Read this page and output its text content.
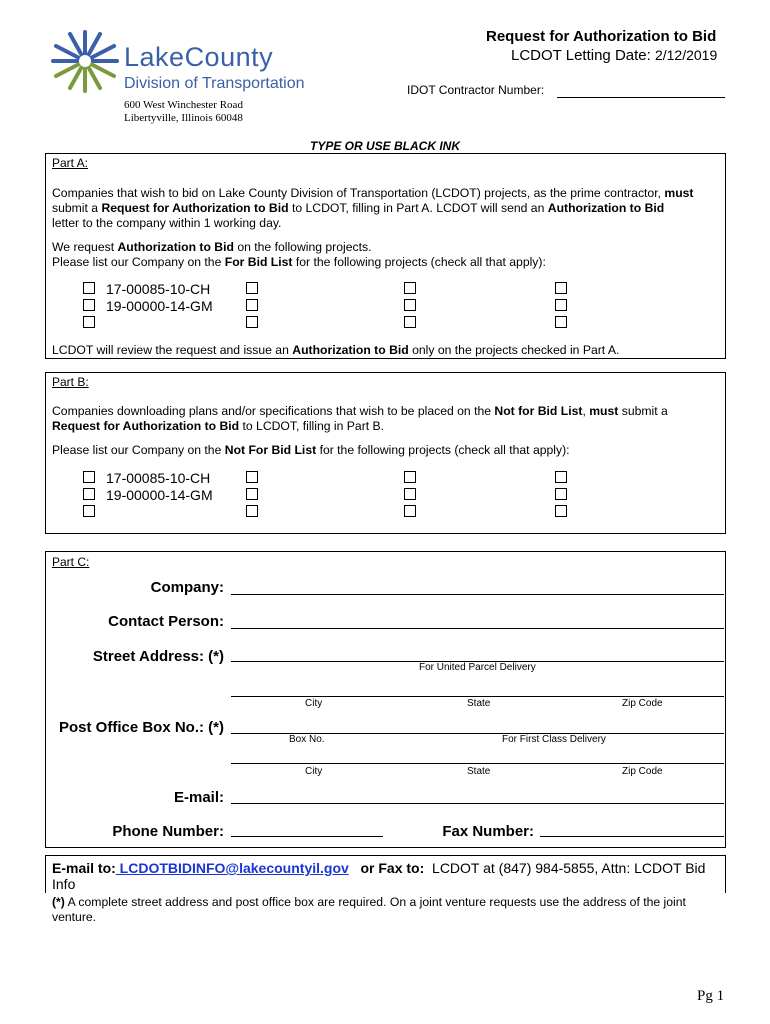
LakeCounty
Division of Transportation
600 West Winchester Road
Libertyville, Illinois 60048
Request for Authorization to Bid
LCDOT Letting Date: 2/12/2019
IDOT Contractor Number:
TYPE OR USE BLACK INK
Part A:
Companies that wish to bid on Lake County Division of Transportation (LCDOT) projects, as the prime contractor, must
submit a Request for Authorization to Bid to LCDOT, filling in Part A. LCDOT will send an Authorization to Bid
letter to the company within 1 working day.
We request Authorization to Bid on the following projects.
Please list our Company on the For Bid List for the following projects (check all that apply):
17-00085-10-CH
19-00000-14-GM
LCDOT will review the request and issue an Authorization to Bid only on the projects checked in Part A.
Part B:
Companies downloading plans and/or specifications that wish to be placed on the Not for Bid List, must submit a
Request for Authorization to Bid to LCDOT, filling in Part B.
Please list our Company on the Not For Bid List for the following projects (check all that apply):
17-00085-10-CH
19-00000-14-GM
Part C:
Company:
Contact Person:
Street Address: (*)
For United Parcel Delivery
City	State	Zip Code
Post Office Box No.: (*)
Box No.	For First Class Delivery
City	State	Zip Code
E-mail:
Phone Number:	Fax Number:
E-mail to: LCDOTBIDINFO@lakecountyil.gov or Fax to: LCDOT at (847) 984-5855, Attn: LCDOT Bid
Info
(*) A complete street address and post office box are required. On a joint venture requests use the address of the joint
venture.
Pg 1
